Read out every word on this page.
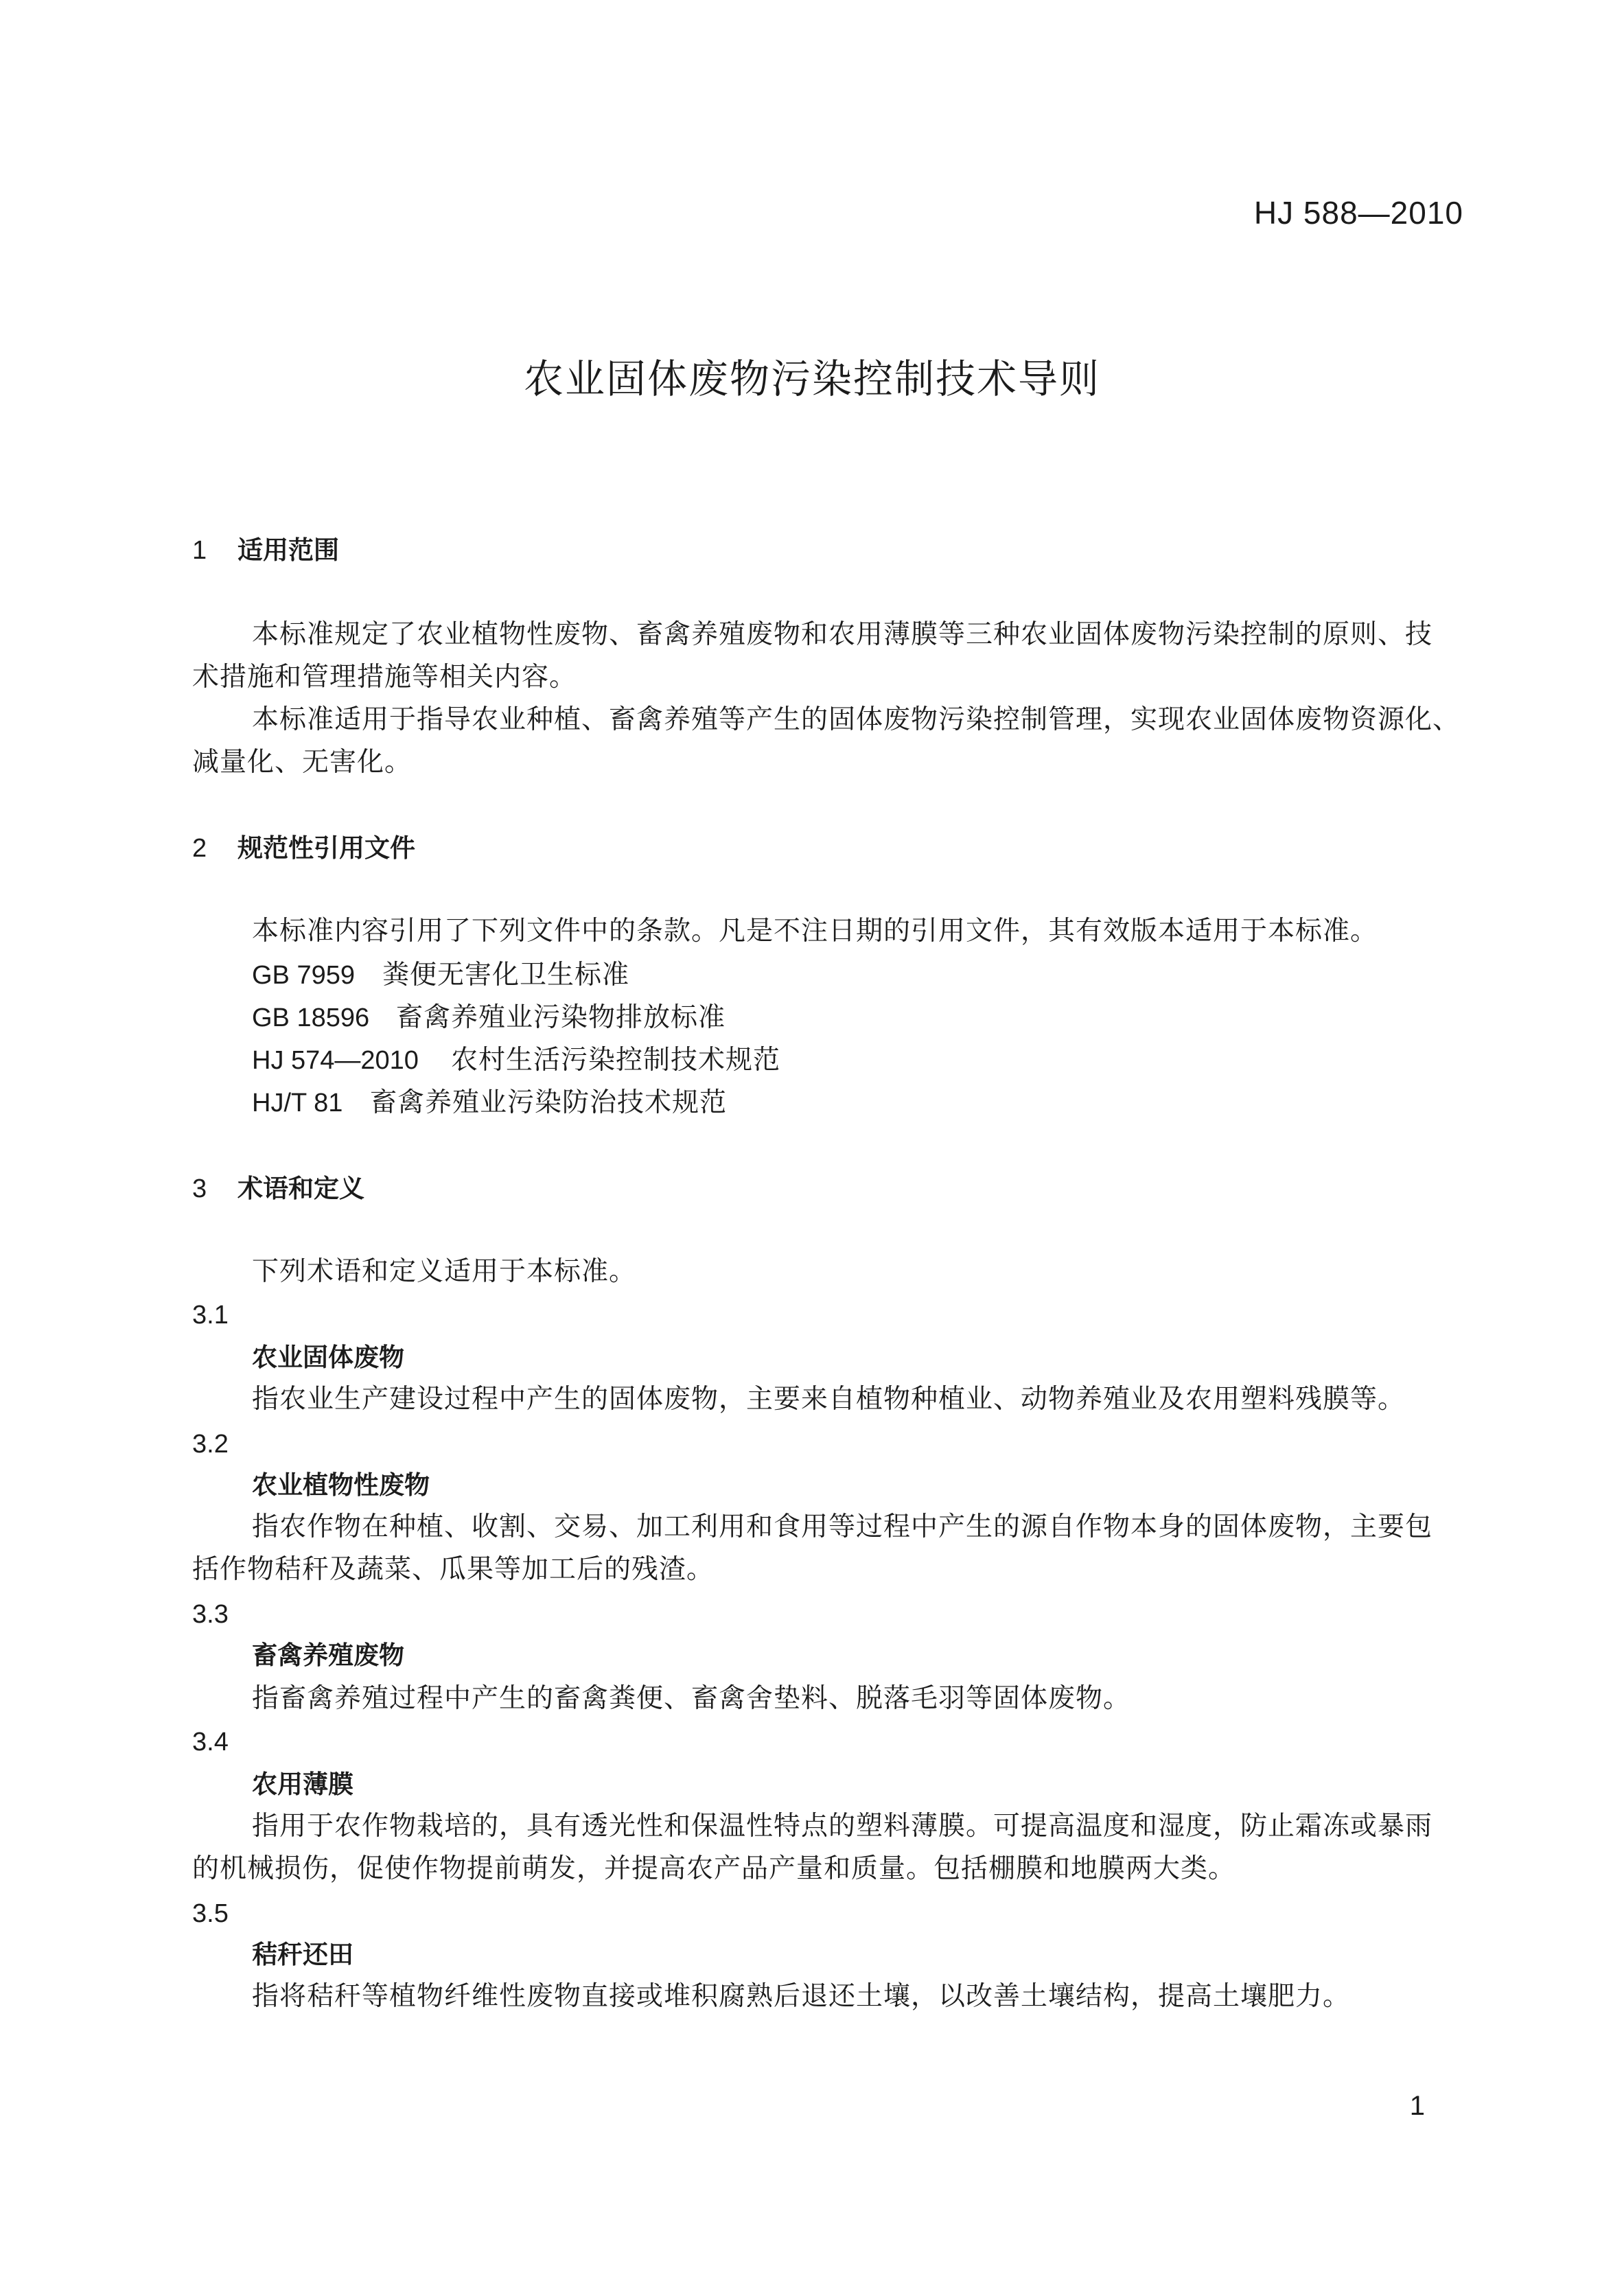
HJ 588—2010
农业固体废物污染控制技术导则
1 适用范围
本标准规定了农业植物性废物、畜禽养殖废物和农用薄膜等三种农业固体废物污染控制的原则、技
术措施和管理措施等相关内容。
本标准适用于指导农业种植、畜禽养殖等产生的固体废物污染控制管理，实现农业固体废物资源化、
减量化、无害化。
2 规范性引用文件
本标准内容引用了下列文件中的条款。凡是不注日期的引用文件，其有效版本适用于本标准。
GB 7959 粪便无害化卫生标准
GB 18596 畜禽养殖业污染物排放标准
HJ 574—2010 农村生活污染控制技术规范
HJ/T 81 畜禽养殖业污染防治技术规范
3 术语和定义
下列术语和定义适用于本标准。
3.1
农业固体废物
指农业生产建设过程中产生的固体废物，主要来自植物种植业、动物养殖业及农用塑料残膜等。
3.2
农业植物性废物
指农作物在种植、收割、交易、加工利用和食用等过程中产生的源自作物本身的固体废物，主要包
括作物秸秆及蔬菜、瓜果等加工后的残渣。
3.3
畜禽养殖废物
指畜禽养殖过程中产生的畜禽粪便、畜禽舍垫料、脱落毛羽等固体废物。
3.4
农用薄膜
指用于农作物栽培的，具有透光性和保温性特点的塑料薄膜。可提高温度和湿度，防止霜冻或暴雨
的机械损伤，促使作物提前萌发，并提高农产品产量和质量。包括棚膜和地膜两大类。
3.5
秸秆还田
指将秸秆等植物纤维性废物直接或堆积腐熟后退还土壤，以改善土壤结构，提高土壤肥力。
1
